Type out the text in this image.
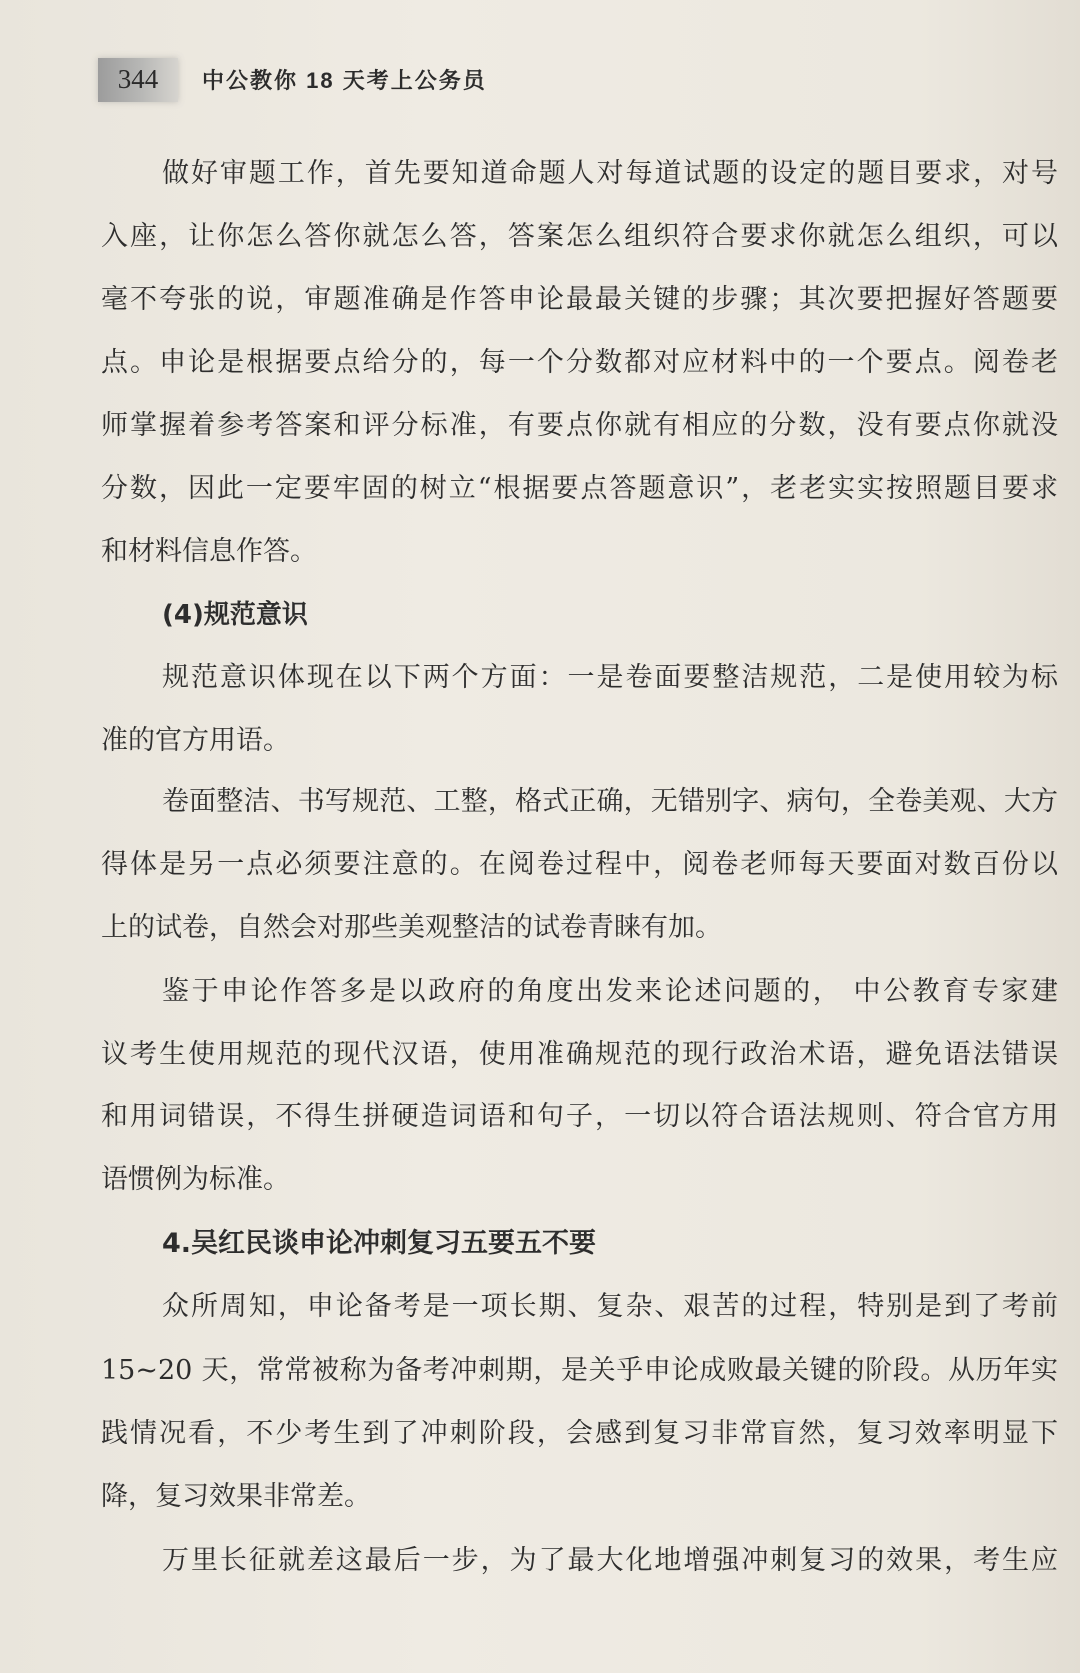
344	中公教你 18 天考上公务员
做好审题工作，首先要知道命题人对每道试题的设定的题目要求，对号
入座，让你怎么答你就怎么答，答案怎么组织符合要求你就怎么组织，可以
毫不夸张的说，审题准确是作答申论最最关键的步骤；其次要把握好答题要
点。申论是根据要点给分的，每一个分数都对应材料中的一个要点。阅卷老
师掌握着参考答案和评分标准，有要点你就有相应的分数，没有要点你就没
分数，因此一定要牢固的树立“根据要点答题意识”，老老实实按照题目要求
和材料信息作答。
(4)规范意识
规范意识体现在以下两个方面：一是卷面要整洁规范，二是使用较为标
准的官方用语。
卷面整洁、书写规范、工整，格式正确，无错别字、病句，全卷美观、大方
得体是另一点必须要注意的。在阅卷过程中，阅卷老师每天要面对数百份以
上的试卷，自然会对那些美观整洁的试卷青睐有加。
鉴于申论作答多是以政府的角度出发来论述问题的， 中公教育专家建
议考生使用规范的现代汉语，使用准确规范的现行政治术语，避免语法错误
和用词错误，不得生拼硬造词语和句子，一切以符合语法规则、符合官方用
语惯例为标准。
4.吴红民谈申论冲刺复习五要五不要
众所周知，申论备考是一项长期、复杂、艰苦的过程，特别是到了考前
15~20 天，常常被称为备考冲刺期，是关乎申论成败最关键的阶段。从历年实
践情况看，不少考生到了冲刺阶段，会感到复习非常盲然，复习效率明显下
降，复习效果非常差。
万里长征就差这最后一步，为了最大化地增强冲刺复习的效果，考生应
